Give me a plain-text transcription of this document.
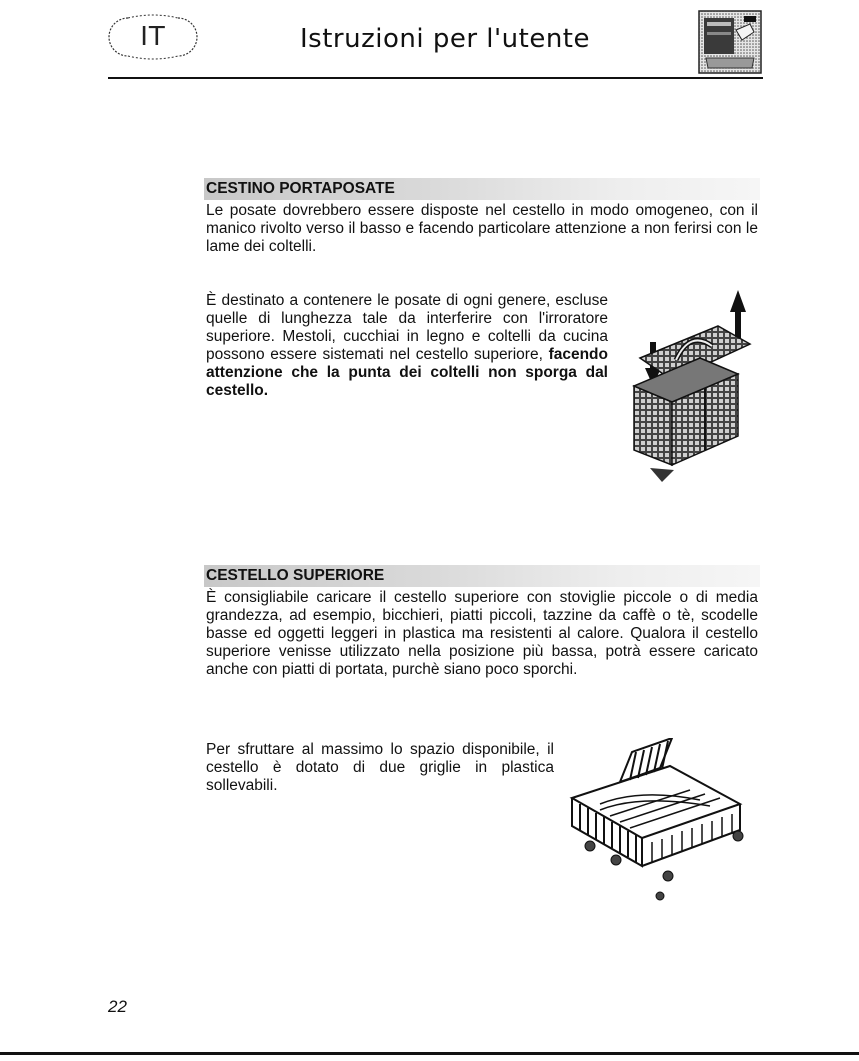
IT	Istruzioni per l'utente
CESTINO PORTAPOSATE

Le posate dovrebbero essere disposte nel cestello in modo omogeneo, con il manico rivolto verso il basso e facendo particolare attenzione a non ferirsi con le lame dei coltelli.

È destinato a contenere le posate di ogni genere, escluse quelle di lunghezza tale da interferire con l'irroratore superiore. Mestoli, cucchiai in legno e coltelli da cucina possono essere sistemati nel cestello superiore, facendo attenzione che la punta dei coltelli non sporga dal cestello.

CESTELLO SUPERIORE

È consigliabile caricare il cestello superiore con stoviglie piccole o di media grandezza, ad esempio, bicchieri, piatti piccoli, tazzine da caffè o tè, scodelle basse ed oggetti leggeri in plastica ma resistenti al calore. Qualora il cestello superiore venisse utilizzato nella posizione più bassa, potrà essere caricato anche con piatti di portata, purchè siano poco sporchi.

Per sfruttare al massimo lo spazio disponibile, il cestello è dotato di due griglie in plastica sollevabili.

22
